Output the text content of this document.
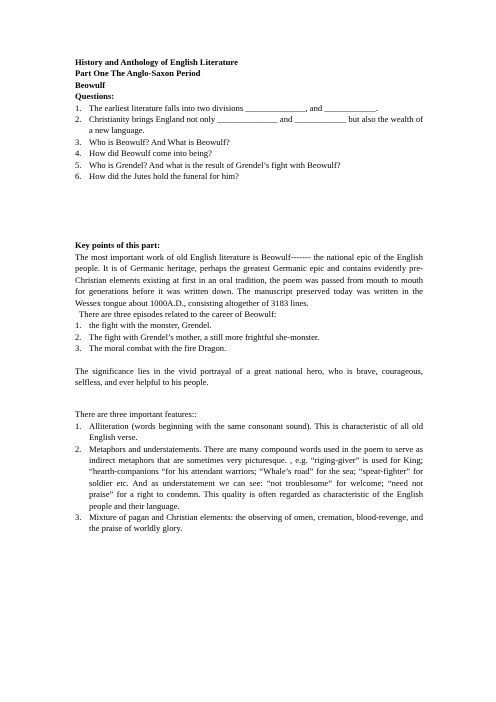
History and Anthology of English Literature
Part One The Anglo-Saxon Period
Beowulf
Questions:
1. The earliest literature falls into two divisions ______________, and ____________.
2. Christianity brings England not only ______________ and ____________ but also the wealth of a new language.
3. Who is Beowulf? And What is Beowulf?
4. How did Beowulf come into being?
5. Who is Grendel? And what is the result of Grendel’s fight with Beowulf?
6. How did the Jutes hold the funeral for him?
Key points of this part:
The most important work of old English literature is Beowulf------- the national epic of the English people. It is of Germanic heritage, perhaps the greatest Germanic epic and contains evidently pre-Christian elements existing at first in an oral tradition, the poem was passed from mouth to mouth for generations before it was written down. The manuscript preserved today was written in the Wessex tongue about 1000A.D., consisting altogether of 3183 lines.
There are three episodes related to the career of Beowulf:
1. the fight with the monster, Grendel.
2. The fight with Grendel’s mother, a still more frightful she-monster.
3. The moral combat with the fire Dragon.
The significance lies in the vivid portrayal of a great national hero, who is brave, courageous, selfless, and ever helpful to his people.
There are three important features::
1. Alliteration (words beginning with the same consonant sound). This is characteristic of all old English verse.
2. Metaphors and understatements. There are many compound words used in the poem to serve as indirect metaphors that are sometimes very picturesque. , e.g. “riging-giver” is used for King; “hearth-companions “for his attendant warriors; “Whale’s road” for the sea; “spear-fighter” for soldier etc. And as understatement we can see: “not troublesome” for welcome; “need not praise” for a right to condemn. This quality is often regarded as characteristic of the English people and their language.
3. Mixture of pagan and Christian elements: the observing of omen, cremation, blood-revenge, and the praise of worldly glory.
